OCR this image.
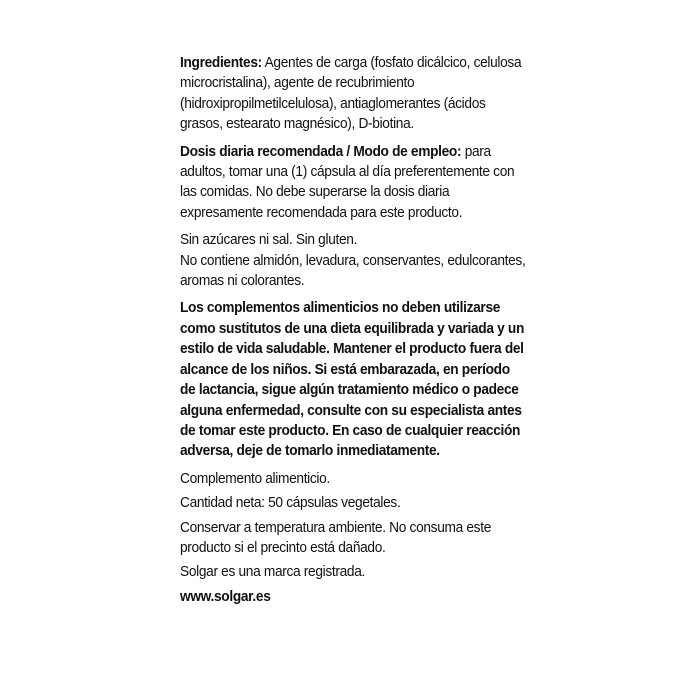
Ingredientes: Agentes de carga (fosfato dicálcico, celulosa microcristalina), agente de recubrimiento (hidroxipropilmetilcelulosa), antiaglomerantes (ácidos grasos, estearato magnésico), D-biotina.

Dosis diaria recomendada / Modo de empleo: para adultos, tomar una (1) cápsula al día preferentemente con las comidas. No debe superarse la dosis diaria expresamente recomendada para este producto.

Sin azúcares ni sal. Sin gluten.
No contiene almidón, levadura, conservantes, edulcorantes, aromas ni colorantes.

Los complementos alimenticios no deben utilizarse como sustitutos de una dieta equilibrada y variada y un estilo de vida saludable. Mantener el producto fuera del alcance de los niños. Si está embarazada, en período de lactancia, sigue algún tratamiento médico o padece alguna enfermedad, consulte con su especialista antes de tomar este producto. En caso de cualquier reacción adversa, deje de tomarlo inmediatamente.

Complemento alimenticio.

Cantidad neta: 50 cápsulas vegetales.

Conservar a temperatura ambiente. No consuma este producto si el precinto está dañado.

Solgar es una marca registrada.

www.solgar.es
